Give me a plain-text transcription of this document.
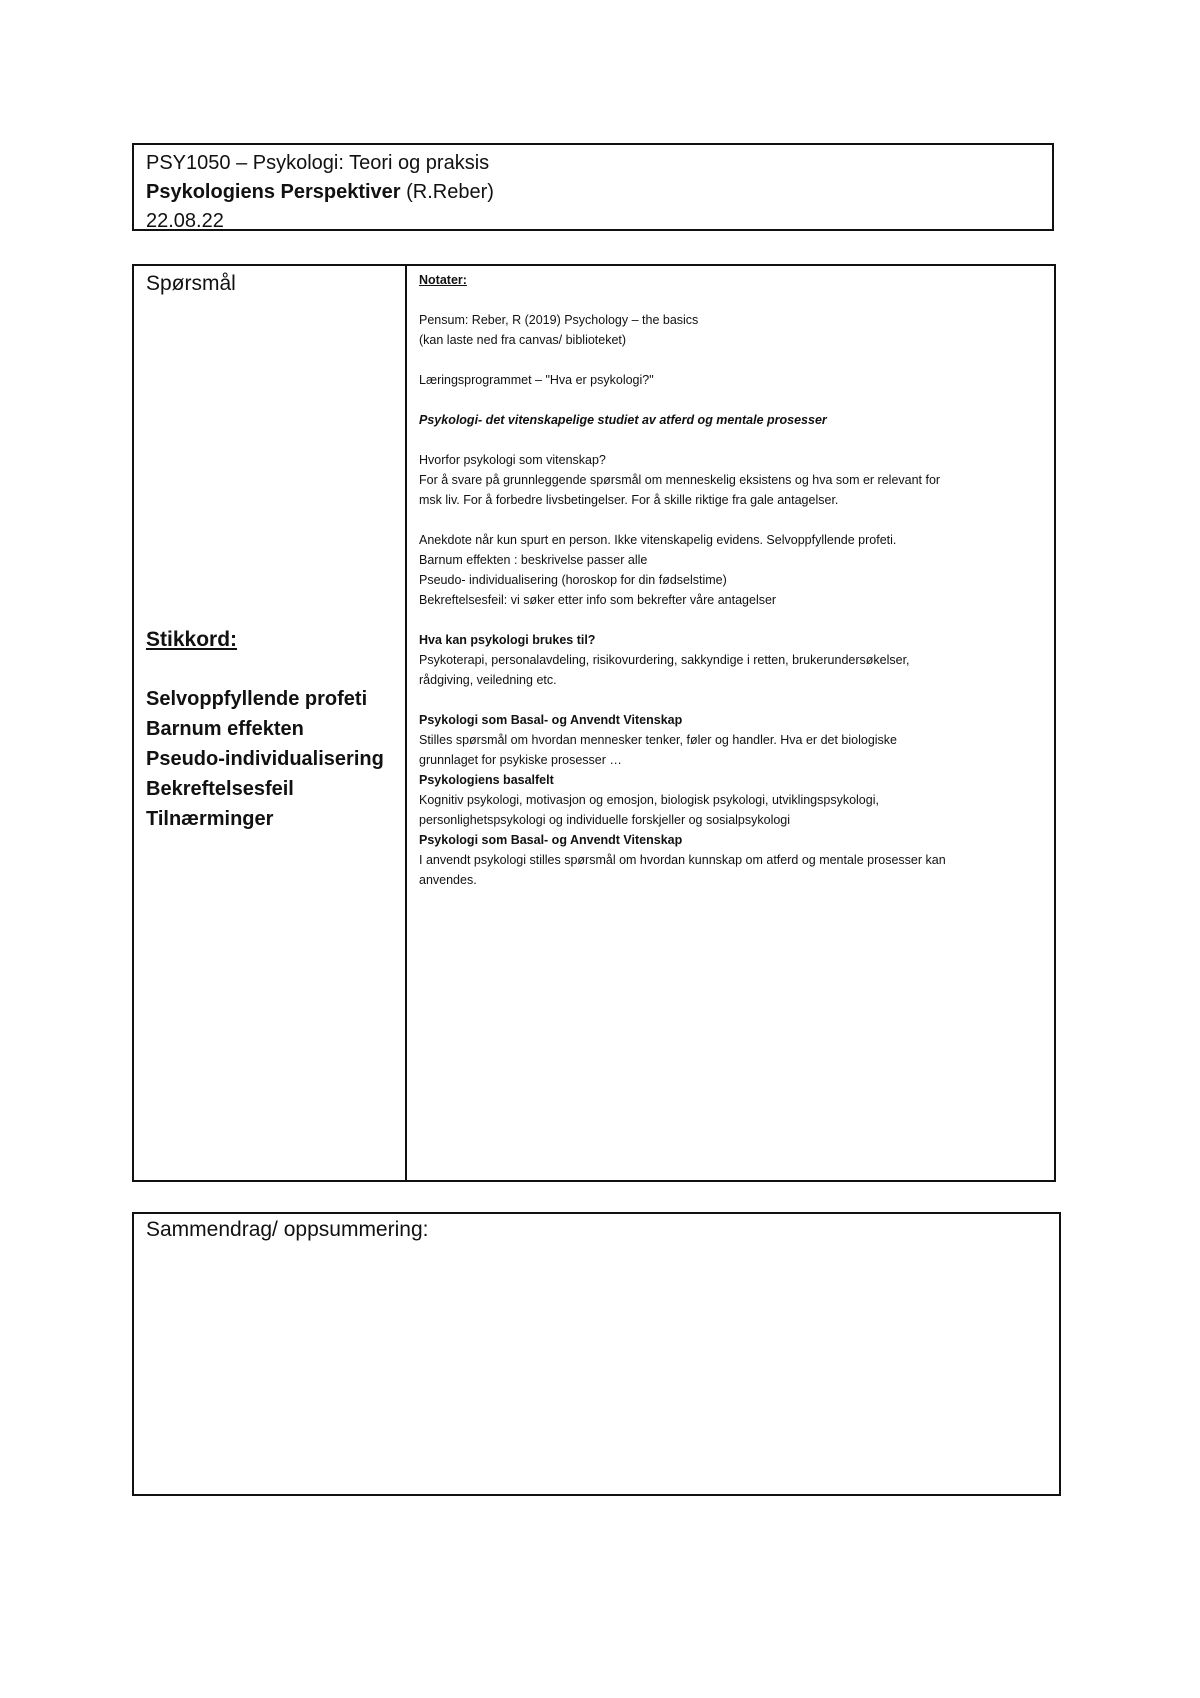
PSY1050 – Psykologi: Teori og praksis
Psykologiens Perspektiver (R.Reber)
22.08.22
Spørsmål
Stikkord:
Selvoppfyllende profeti
Barnum effekten
Pseudo-individualisering
Bekreftelsesfeil
Tilnærminger

Notater:

Pensum: Reber, R (2019) Psychology – the basics

(kan laste ned fra canvas/ biblioteket)

Læringsprogrammet – "Hva er psykologi?"

Psykologi- det vitenskapelige studiet av atferd og mentale prosesser

Hvorfor psykologi som vitenskap?

For å svare på grunnleggende spørsmål om menneskelig eksistens og hva som er relevant for

msk liv. For å forbedre livsbetingelser. For å skille riktige fra gale antagelser.

Anekdote når kun spurt en person. Ikke vitenskapelig evidens. Selvoppfyllende profeti.

Barnum effekten : beskrivelse passer alle

Pseudo- individualisering (horoskop for din fødselstime)

Bekreftelsesfeil: vi søker etter info som bekrefter våre antagelser

Hva kan psykologi brukes til?

Psykoterapi, personalavdeling, risikovurdering, sakkyndige i retten, brukerundersøkelser,

rådgiving, veiledning etc.

Psykologi som Basal- og Anvendt Vitenskap

Stilles spørsmål om hvordan mennesker tenker, føler og handler. Hva er det biologiske

grunnlaget for psykiske prosesser …

Psykologiens basalfelt

Kognitiv psykologi, motivasjon og emosjon, biologisk psykologi, utviklingspsykologi,

personlighetspsykologi og individuelle forskjeller og sosialpsykologi

Psykologi som Basal- og Anvendt Vitenskap

I anvendt psykologi stilles spørsmål om hvordan kunnskap om atferd og mentale prosesser kan

anvendes.

Sammendrag/ oppsummering:
